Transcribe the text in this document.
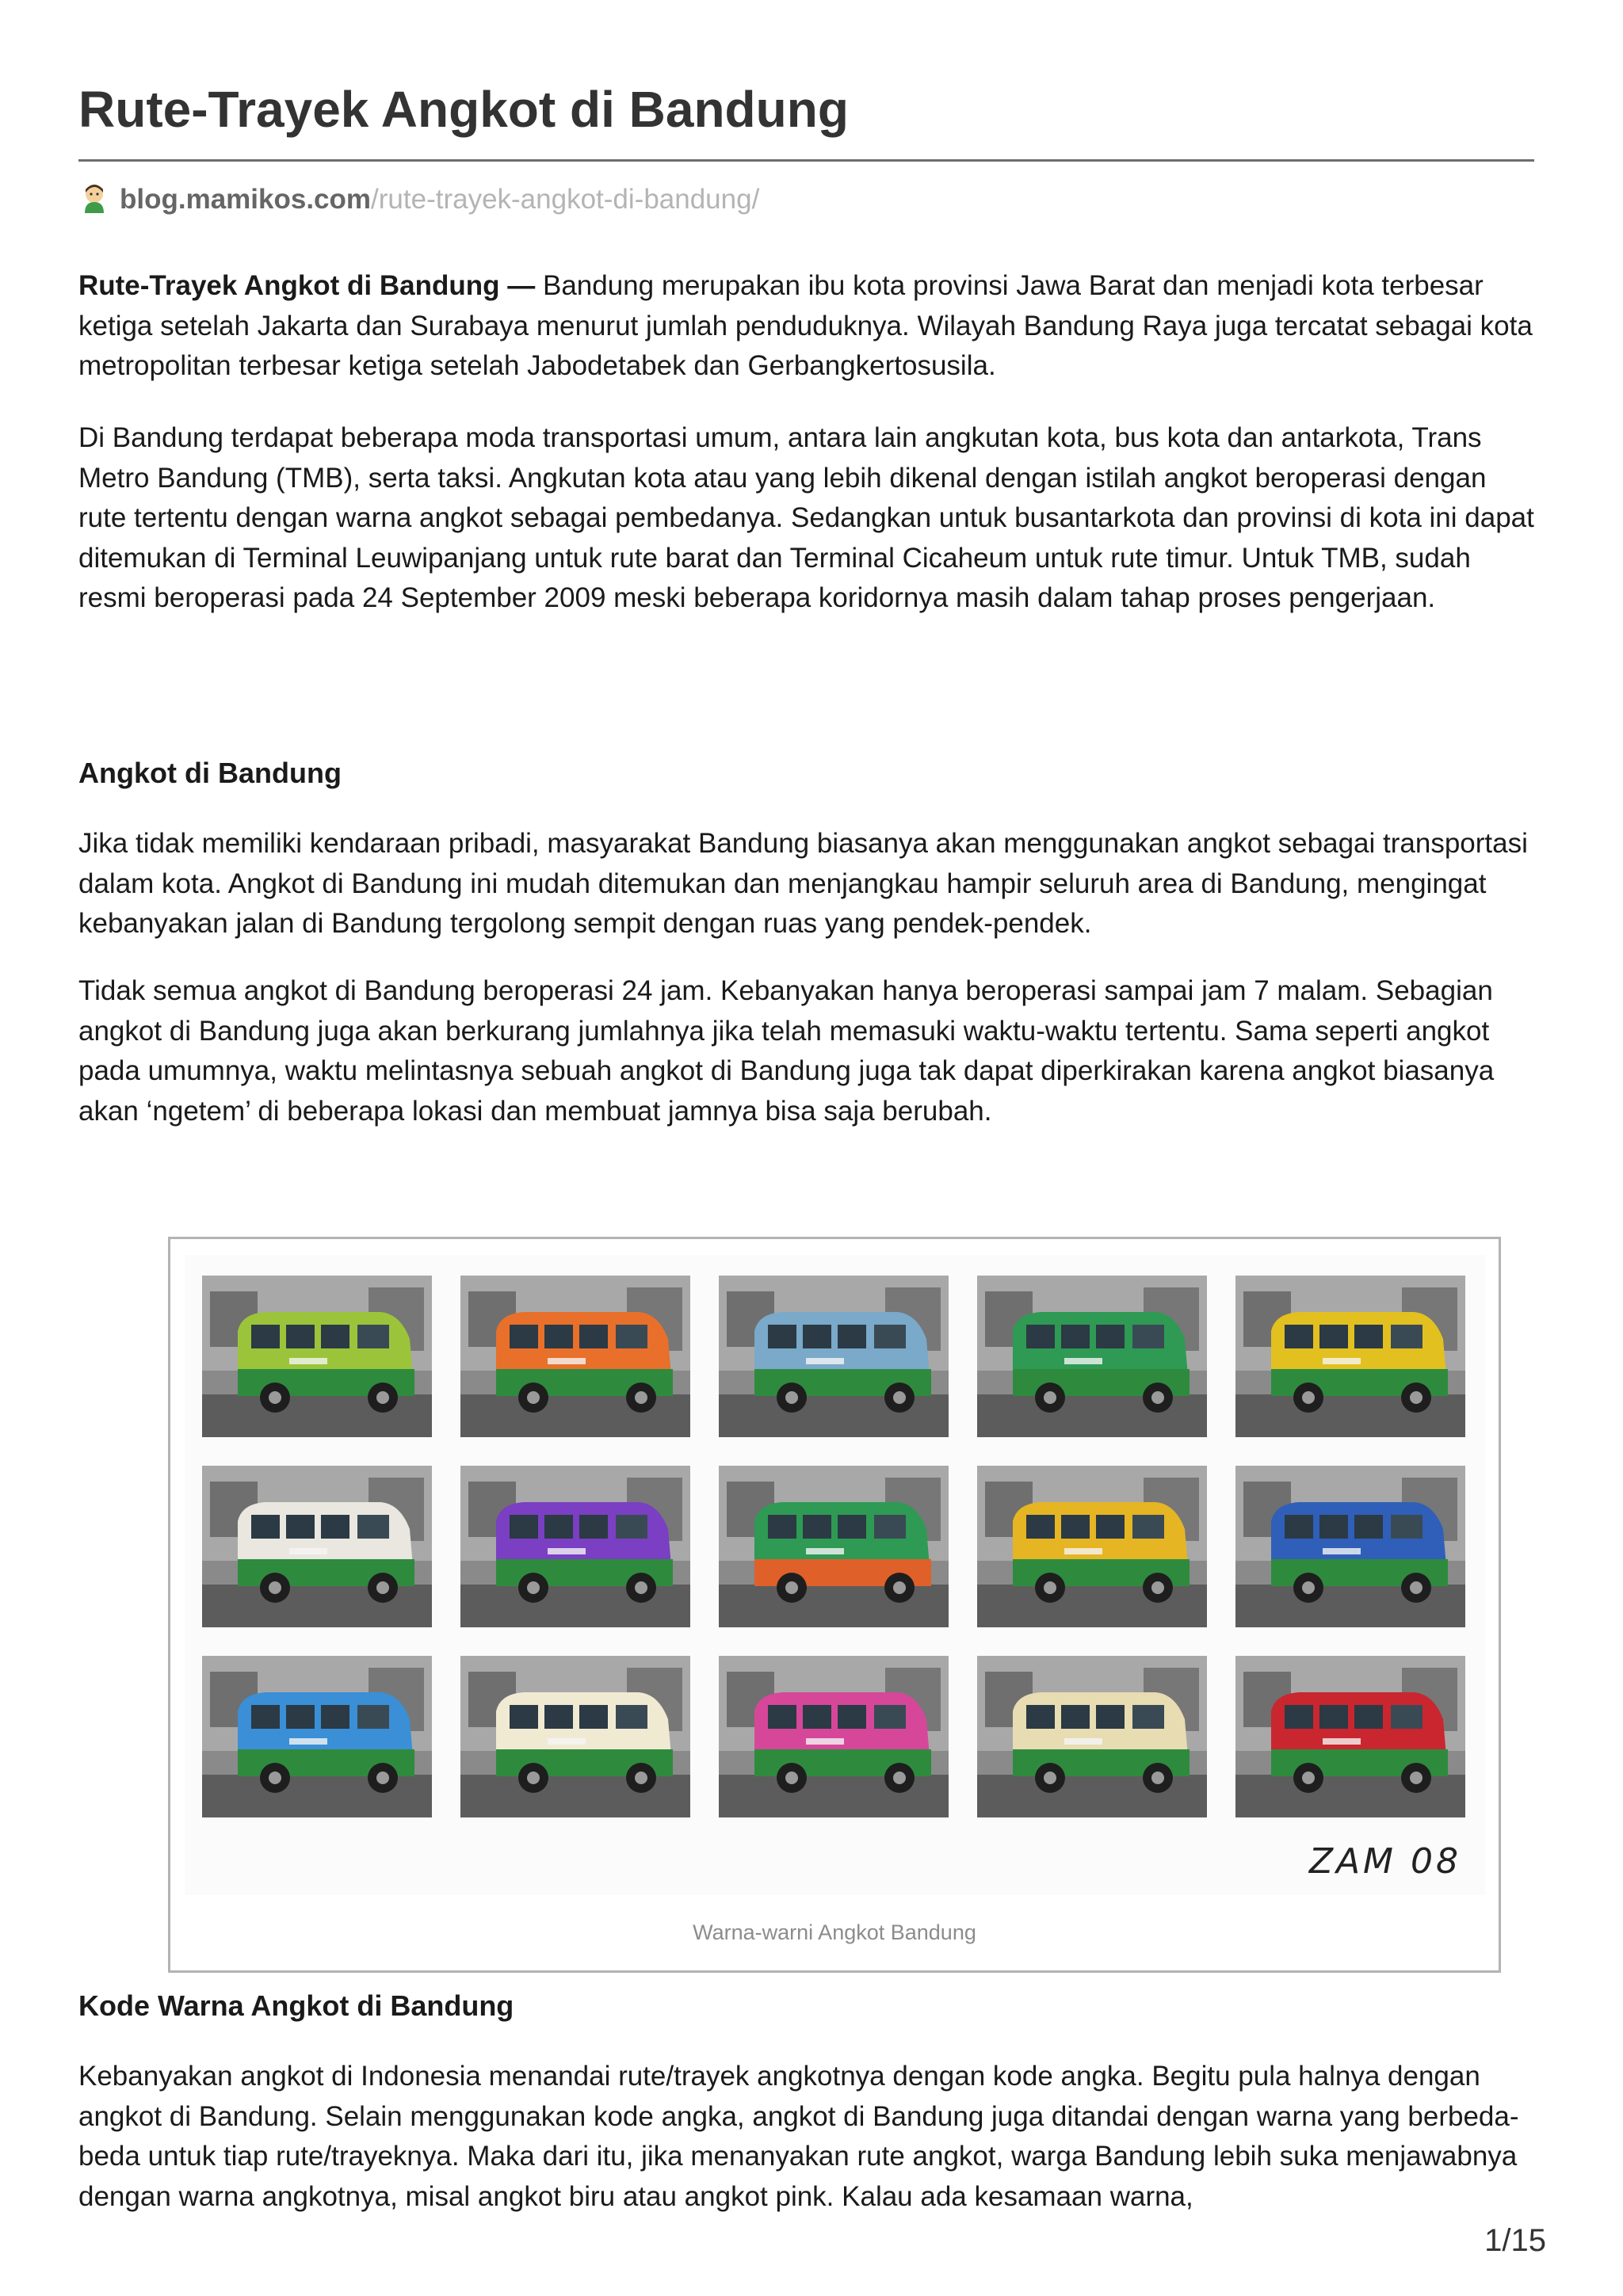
Rute-Trayek Angkot di Bandung
blog.mamikos.com/rute-trayek-angkot-di-bandung/

Rute-Trayek Angkot di Bandung — Bandung merupakan ibu kota provinsi Jawa Barat dan menjadi kota terbesar ketiga setelah Jakarta dan Surabaya menurut jumlah penduduknya. Wilayah Bandung Raya juga tercatat sebagai kota metropolitan terbesar ketiga setelah Jabodetabek dan Gerbangkertosusila.

Di Bandung terdapat beberapa moda transportasi umum, antara lain angkutan kota, bus kota dan antarkota, Trans Metro Bandung (TMB), serta taksi. Angkutan kota atau yang lebih dikenal dengan istilah angkot beroperasi dengan rute tertentu dengan warna angkot sebagai pembedanya. Sedangkan untuk busantarkota dan provinsi di kota ini dapat ditemukan di Terminal Leuwipanjang untuk rute barat dan Terminal Cicaheum untuk rute timur. Untuk TMB, sudah resmi beroperasi pada 24 September 2009 meski beberapa koridornya masih dalam tahap proses pengerjaan.

Angkot di Bandung

Jika tidak memiliki kendaraan pribadi, masyarakat Bandung biasanya akan menggunakan angkot sebagai transportasi dalam kota. Angkot di Bandung ini mudah ditemukan dan menjangkau hampir seluruh area di Bandung, mengingat kebanyakan jalan di Bandung tergolong sempit dengan ruas yang pendek-pendek.

Tidak semua angkot di Bandung beroperasi 24 jam. Kebanyakan hanya beroperasi sampai jam 7 malam. Sebagian angkot di Bandung juga akan berkurang jumlahnya jika telah memasuki waktu-waktu tertentu. Sama seperti angkot pada umumnya, waktu melintasnya sebuah angkot di Bandung juga tak dapat diperkirakan karena angkot biasanya akan ‘ngetem’ di beberapa lokasi dan membuat jamnya bisa saja berubah.

ZAM 08
Warna-warni Angkot Bandung
Kode Warna Angkot di Bandung

Kebanyakan angkot di Indonesia menandai rute/trayek angkotnya dengan kode angka. Begitu pula halnya dengan angkot di Bandung. Selain menggunakan kode angka, angkot di Bandung juga ditandai dengan warna yang berbeda-beda untuk tiap rute/trayeknya. Maka dari itu, jika menanyakan rute angkot, warga Bandung lebih suka menjawabnya dengan warna angkotnya, misal angkot biru atau angkot pink. Kalau ada kesamaan warna,

1/15
